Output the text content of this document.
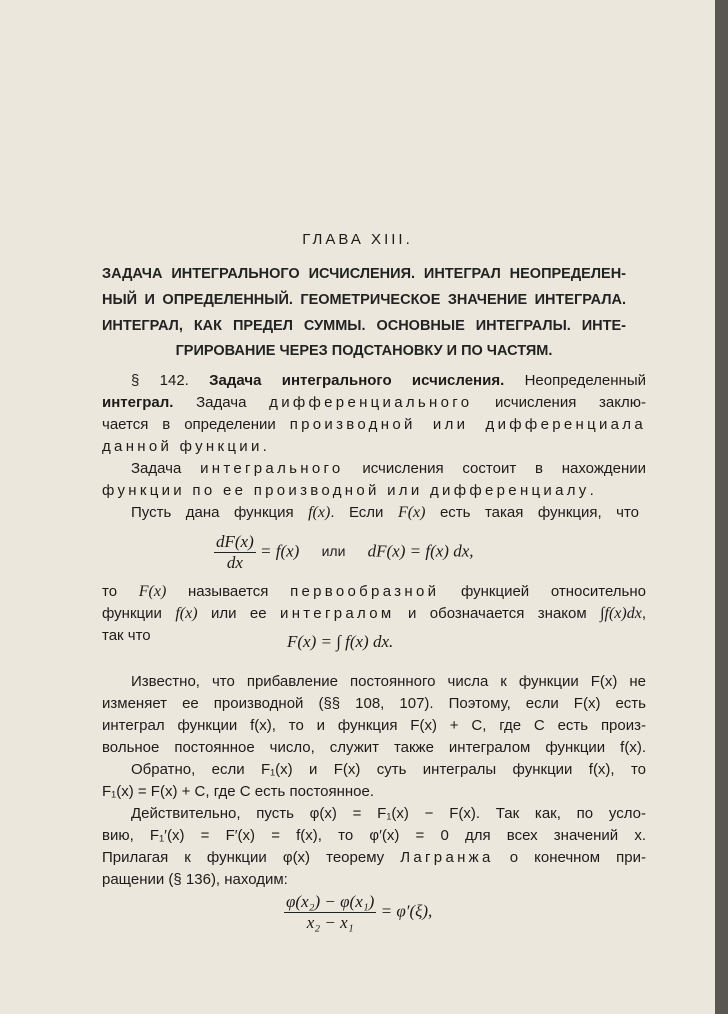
ГЛАВА XIII.
ЗАДАЧА ИНТЕГРАЛЬНОГО ИСЧИСЛЕНИЯ. ИНТЕГРАЛ НЕОПРЕДЕЛЕН-
НЫЙ И ОПРЕДЕЛЕННЫЙ. ГЕОМЕТРИЧЕСКОЕ ЗНАЧЕНИЕ ИНТЕГРАЛА.
ИНТЕГРАЛ, КАК ПРЕДЕЛ СУММЫ. ОСНОВНЫЕ ИНТЕГРАЛЫ. ИНТЕ-
ГРИРОВАНИЕ ЧЕРЕЗ ПОДСТАНОВКУ И ПО ЧАСТЯМ.
§ 142. Задача интегрального исчисления. Неопределенный
интеграл. Задача дифференциального исчисления заклю-
чается в определении производной или дифференциала
данной функции.
Задача интегрального исчисления состоит в нахождении
функции по ее производной или дифференциалу.
Пусть дана функция f(x). Если F(x) есть такая функция, что
$\frac{dF(x)}{dx} = f(x)$ или dF(x) = f(x) dx,
то F(x) называется первообразной функцией относительно
функции f(x) или ее интегралом и обозначается знаком ∫f(x)dx,
так что	F(x) = ∫ f(x) dx.
Известно, что прибавление постоянного числа к функции F(x) не
изменяет ее производной (§§ 108, 107). Поэтому, если F(x) есть
интеграл функции f(x), то и функция F(x) + C, где C есть произ-
вольное постоянное число, служит также интегралом функции f(x).
Обратно, если F₁(x) и F(x) суть интегралы функции f(x), то
F₁(x) = F(x) + C, где C есть постоянное.
Действительно, пусть φ(x) = F₁(x) − F(x). Так как, по усло-
вию, F₁′(x) = F′(x) = f(x), то φ′(x) = 0 для всех значений x.
Прилагая к функции φ(x) теорему Лагранжа о конечном при-
ращении (§ 136), находим:
$\frac{\text{φ(x₂) − φ(x₁)}}{\text{x₂ − x₁}} = \varphi'(\xi)$,
